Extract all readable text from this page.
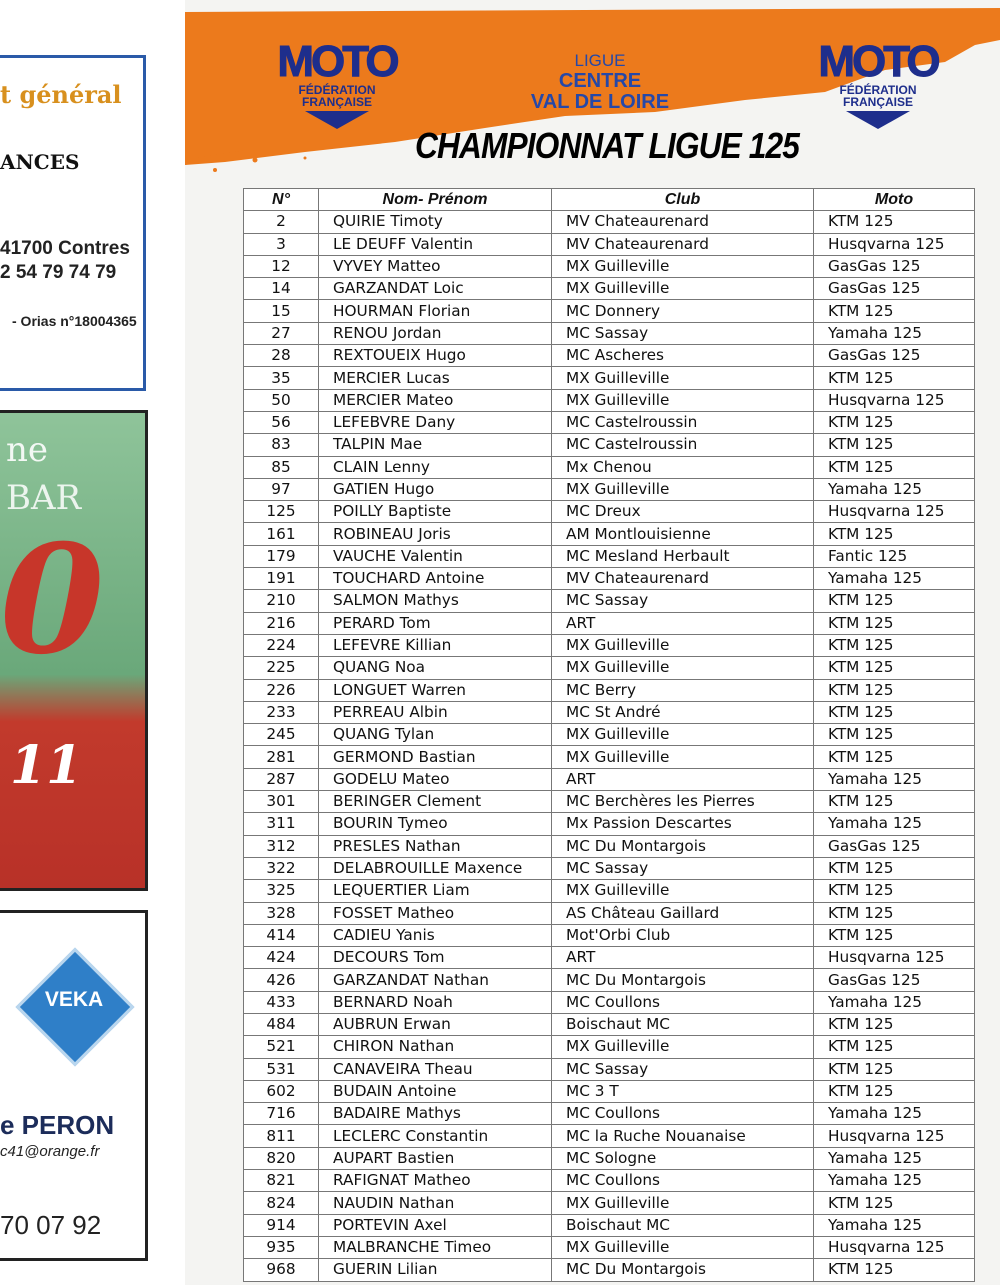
t général
ANCES
41700 Contres
2 54 79 74 79
- Orias n°18004365
ne
BAR
0
11
VEKA
e PERON
c41@orange.fr
70 07 92
MOTO
FÉDÉRATION
FRANÇAISE
LIGUE
CENTRE
VAL DE LOIRE
MOTO
FÉDÉRATION
FRANÇAISE
CHAMPIONNAT LIGUE 125
N°	Nom- Prénom	Club	Moto
2	QUIRIE Timoty	MV Chateaurenard	KTM 125
3	LE DEUFF Valentin	MV Chateaurenard	Husqvarna 125
12	VYVEY Matteo	MX Guilleville	GasGas 125
14	GARZANDAT Loic	MX Guilleville	GasGas 125
15	HOURMAN Florian	MC Donnery	KTM 125
27	RENOU Jordan	MC Sassay	Yamaha 125
28	REXTOUEIX Hugo	MC Ascheres	GasGas 125
35	MERCIER Lucas	MX Guilleville	KTM 125
50	MERCIER Mateo	MX Guilleville	Husqvarna 125
56	LEFEBVRE Dany	MC Castelroussin	KTM 125
83	TALPIN Mae	MC Castelroussin	KTM 125
85	CLAIN Lenny	Mx Chenou	KTM 125
97	GATIEN Hugo	MX Guilleville	Yamaha 125
125	POILLY Baptiste	MC Dreux	Husqvarna 125
161	ROBINEAU Joris	AM Montlouisienne	KTM 125
179	VAUCHE Valentin	MC Mesland Herbault	Fantic 125
191	TOUCHARD Antoine	MV Chateaurenard	Yamaha 125
210	SALMON Mathys	MC Sassay	KTM 125
216	PERARD Tom	ART	KTM 125
224	LEFEVRE Killian	MX Guilleville	KTM 125
225	QUANG Noa	MX Guilleville	KTM 125
226	LONGUET Warren	MC Berry	KTM 125
233	PERREAU Albin	MC St André	KTM 125
245	QUANG Tylan	MX Guilleville	KTM 125
281	GERMOND Bastian	MX Guilleville	KTM 125
287	GODELU Mateo	ART	Yamaha 125
301	BERINGER Clement	MC Berchères les Pierres	KTM 125
311	BOURIN Tymeo	Mx Passion Descartes	Yamaha 125
312	PRESLES Nathan	MC Du Montargois	GasGas 125
322	DELABROUILLE Maxence	MC Sassay	KTM 125
325	LEQUERTIER Liam	MX Guilleville	KTM 125
328	FOSSET Matheo	AS Château Gaillard	KTM 125
414	CADIEU Yanis	Mot'Orbi Club	KTM 125
424	DECOURS Tom	ART	Husqvarna 125
426	GARZANDAT Nathan	MC Du Montargois	GasGas 125
433	BERNARD Noah	MC Coullons	Yamaha 125
484	AUBRUN Erwan	Boischaut MC	KTM 125
521	CHIRON Nathan	MX Guilleville	KTM 125
531	CANAVEIRA Theau	MC Sassay	KTM 125
602	BUDAIN Antoine	MC 3 T	KTM 125
716	BADAIRE Mathys	MC Coullons	Yamaha 125
811	LECLERC Constantin	MC la Ruche Nouanaise	Husqvarna 125
820	AUPART Bastien	MC Sologne	Yamaha 125
821	RAFIGNAT Matheo	MC Coullons	Yamaha 125
824	NAUDIN Nathan	MX Guilleville	KTM 125
914	PORTEVIN Axel	Boischaut MC	Yamaha 125
935	MALBRANCHE Timeo	MX Guilleville	Husqvarna 125
968	GUERIN Lilian	MC Du Montargois	KTM 125
